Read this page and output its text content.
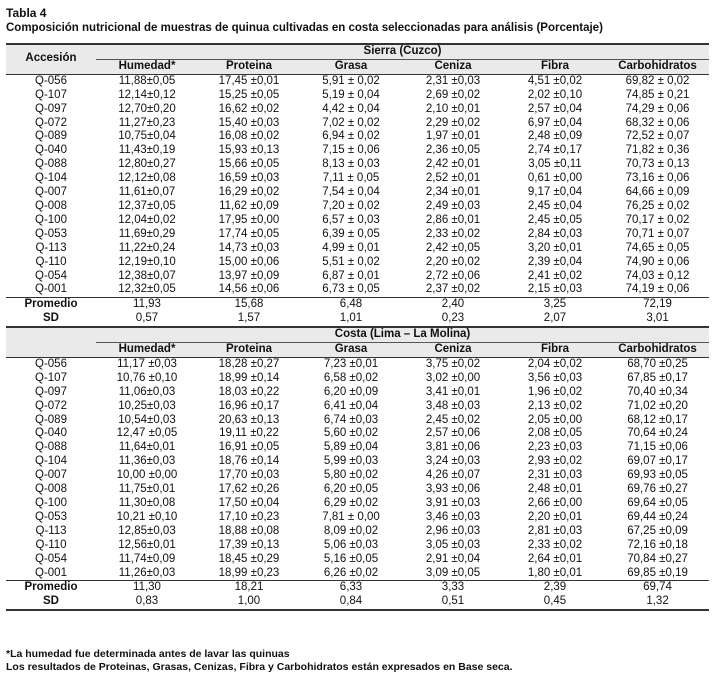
Tabla 4
Composición nutricional de muestras de quinua cultivadas en costa seleccionadas para análisis (Porcentaje)
Accesión	Sierra (Cuzco)					
	Humedad*	Proteina	Grasa	Ceniza	Fibra	Carbohidratos
Q-056	11,88±0,05	17,45 ±0,01	5,91 ± 0,02	2,31 ±0,03	4,51 ±0,02	69,82 ± 0,02
Q-107	12,14±0,12	15,25 ±0,05	5,19 ± 0,04	2,69 ±0,02	2,02 ±0,10	74,85 ± 0,21
Q-097	12,70±0,20	16,62 ±0,02	4,42 ± 0,04	2,10 ±0,01	2,57 ±0,04	74,29 ± 0,06
Q-072	11,27±0,23	15,40 ±0,03	7,02 ± 0,02	2,29 ±0,02	6,97 ±0,04	68,32 ± 0,06
Q-089	10,75±0,04	16,08 ±0,02	6,94 ± 0,02	1,97 ±0,01	2,48 ±0,09	72,52 ± 0,07
Q-040	11,43±0,19	15,93 ±0,13	7,15 ± 0,06	2,36 ±0,05	2,74 ±0,17	71,82 ± 0,36
Q-088	12,80±0,27	15,66 ±0,05	8,13 ± 0,03	2,42 ±0,01	3,05 ±0,11	70,73 ± 0,13
Q-104	12,12±0,08	16,59 ±0,03	7,11 ± 0,05	2,52 ±0,01	0,61 ±0,00	73,16 ± 0,06
Q-007	11,61±0,07	16,29 ±0,02	7,54 ± 0,04	2,34 ±0,01	9,17 ±0,04	64,66 ± 0,09
Q-008	12,37±0,05	11,62 ±0,09	7,20 ± 0,02	2,49 ±0,03	2,45 ±0,04	76,25 ± 0,02
Q-100	12,04±0,02	17,95 ±0,00	6,57 ± 0,03	2,86 ±0,01	2,45 ±0,05	70,17 ± 0,02
Q-053	11,69±0,29	17,74 ±0,05	6,39 ± 0,05	2,33 ±0,02	2,84 ±0,03	70,71 ± 0,07
Q-113	11,22±0,24	14,73 ±0,03	4,99 ± 0,01	2,42 ±0,05	3,20 ±0,01	74,65 ± 0,05
Q-110	12,19±0,10	15,00 ±0,06	5,51 ± 0,02	2,20 ±0,02	2,39 ±0,04	74,90 ± 0,06
Q-054	12,38±0,07	13,97 ±0,09	6,87 ± 0,01	2,72 ±0,06	2,41 ±0,02	74,03 ± 0,12
Q-001	12,32±0,05	14,56 ±0,06	6,73 ± 0,05	2,37 ±0,02	2,15 ±0,03	74,19 ± 0,06
Promedio	11,93	15,68	6,48	2,40	3,25	72,19
SD	0,57	1,57	1,01	0,23	2,07	3,01
	Costa (Lima – La Molina)					
	Humedad*	Proteina	Grasa	Ceniza	Fibra	Carbohidratos
Q-056	11,17 ±0,03	18,28 ±0,27	7,23 ±0,01	3,75 ±0,02	2,04 ±0,02	68,70 ±0,25
Q-107	10,76 ±0,10	18,99 ±0,14	6,58 ±0,02	3,02 ±0,00	3,56 ±0,03	67,85 ±0,17
Q-097	11,06±0,03	18,03 ±0,22	6,20 ±0,09	3,41 ±0,01	1,96 ±0,02	70,40 ±0,34
Q-072	10,25±0,03	16,96 ±0,17	6,41 ±0,04	3,48 ±0,03	2,13 ±0,02	71,02 ±0,20
Q-089	10,54±0,03	20,63 ±0,13	6,74 ±0,03	2,45 ±0,02	2,05 ±0,00	68,12 ±0,17
Q-040	12,47 ±0,05	19,11 ±0,22	5,60 ±0,02	2,57 ±0,06	2,08 ±0,05	70,64 ±0,24
Q-088	11,64±0,01	16,91 ±0,05	5,89 ±0,04	3,81 ±0,06	2,23 ±0,03	71,15 ±0,06
Q-104	11,36±0,03	18,76 ±0,14	5,99 ±0,03	3,24 ±0,03	2,93 ±0,02	69,07 ±0,17
Q-007	10,00 ±0,00	17,70 ±0,03	5,80 ±0,02	4,26 ±0,07	2,31 ±0,03	69,93 ±0,05
Q-008	11,75±0,01	17,62 ±0,26	6,20 ±0,05	3,93 ±0,06	2,48 ±0,01	69,76 ±0,27
Q-100	11,30±0,08	17,50 ±0,04	6,29 ±0,02	3,91 ±0,03	2,66 ±0,00	69,64 ±0,05
Q-053	10,21 ±0,10	17,10 ±0,23	7,81 ± 0,00	3,46 ±0,03	2,20 ±0,01	69,44 ±0,24
Q-113	12,85±0,03	18,88 ±0,08	8,09 ±0,02	2,96 ±0,03	2,81 ±0,03	67,25 ±0,09
Q-110	12,56±0,01	17,39 ±0,13	5,06 ±0,03	3,05 ±0,03	2,33 ±0,02	72,16 ±0,18
Q-054	11,74±0,09	18,45 ±0,29	5,16 ±0,05	2,91 ±0,04	2,64 ±0,01	70,84 ±0,27
Q-001	11,26±0,03	18,99 ±0,23	6,26 ±0,02	3,09 ±0,05	1,80 ±0,01	69,85 ±0,19
Promedio	11,30	18,21	6,33	3,33	2,39	69,74
SD	0,83	1,00	0,84	0,51	0,45	1,32
*La humedad fue determinada antes de lavar las quinuas
Los resultados de Proteinas, Grasas, Cenizas, Fibra y Carbohidratos están expresados en Base seca.
